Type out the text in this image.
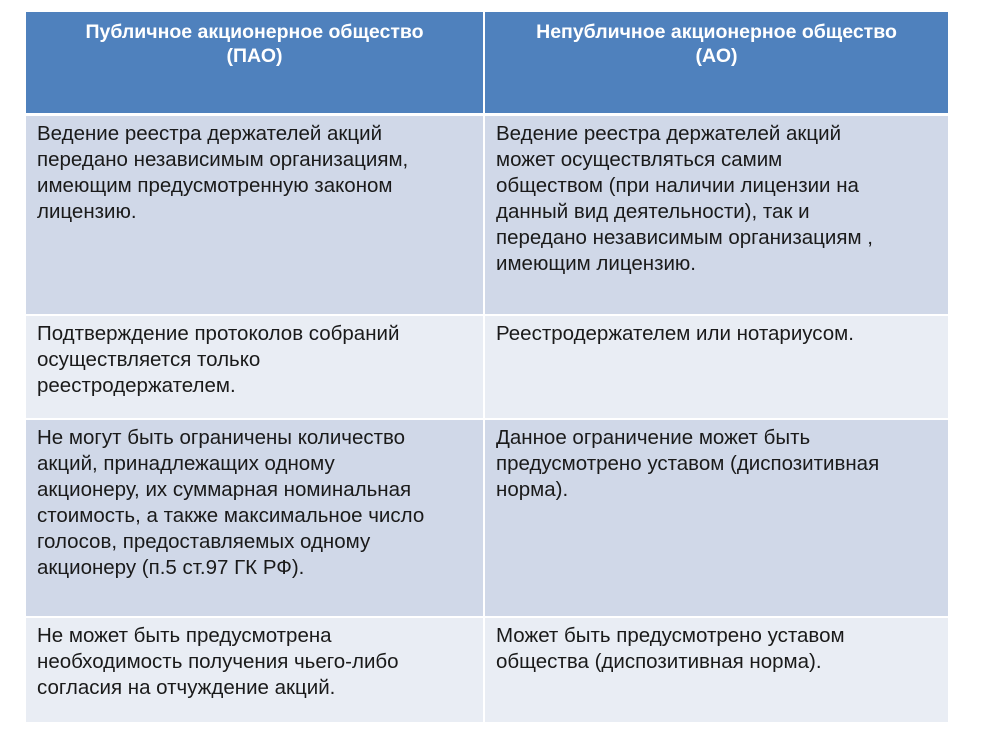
Публичное акционерное общество
(ПАО)
Непубличное акционерное общество
(АО)
Ведение реестра держателей акций
передано независимым организациям,
имеющим предусмотренную законом
лицензию.
Ведение реестра держателей акций
может осуществляться самим
обществом (при наличии лицензии на
данный вид деятельности), так и
передано независимым организациям ,
имеющим лицензию.
Подтверждение протоколов собраний
осуществляется только
реестродержателем.
Реестродержателем или нотариусом.
Не могут быть ограничены количество
акций, принадлежащих одному
акционеру, их суммарная номинальная
стоимость, а также максимальное число
голосов, предоставляемых одному
акционеру (п.5 ст.97 ГК РФ).
Данное ограничение может быть
предусмотрено уставом (диспозитивная
норма).
Не может быть предусмотрена
необходимость получения чьего-либо
согласия на отчуждение акций.
Может быть предусмотрено уставом
общества (диспозитивная норма).
